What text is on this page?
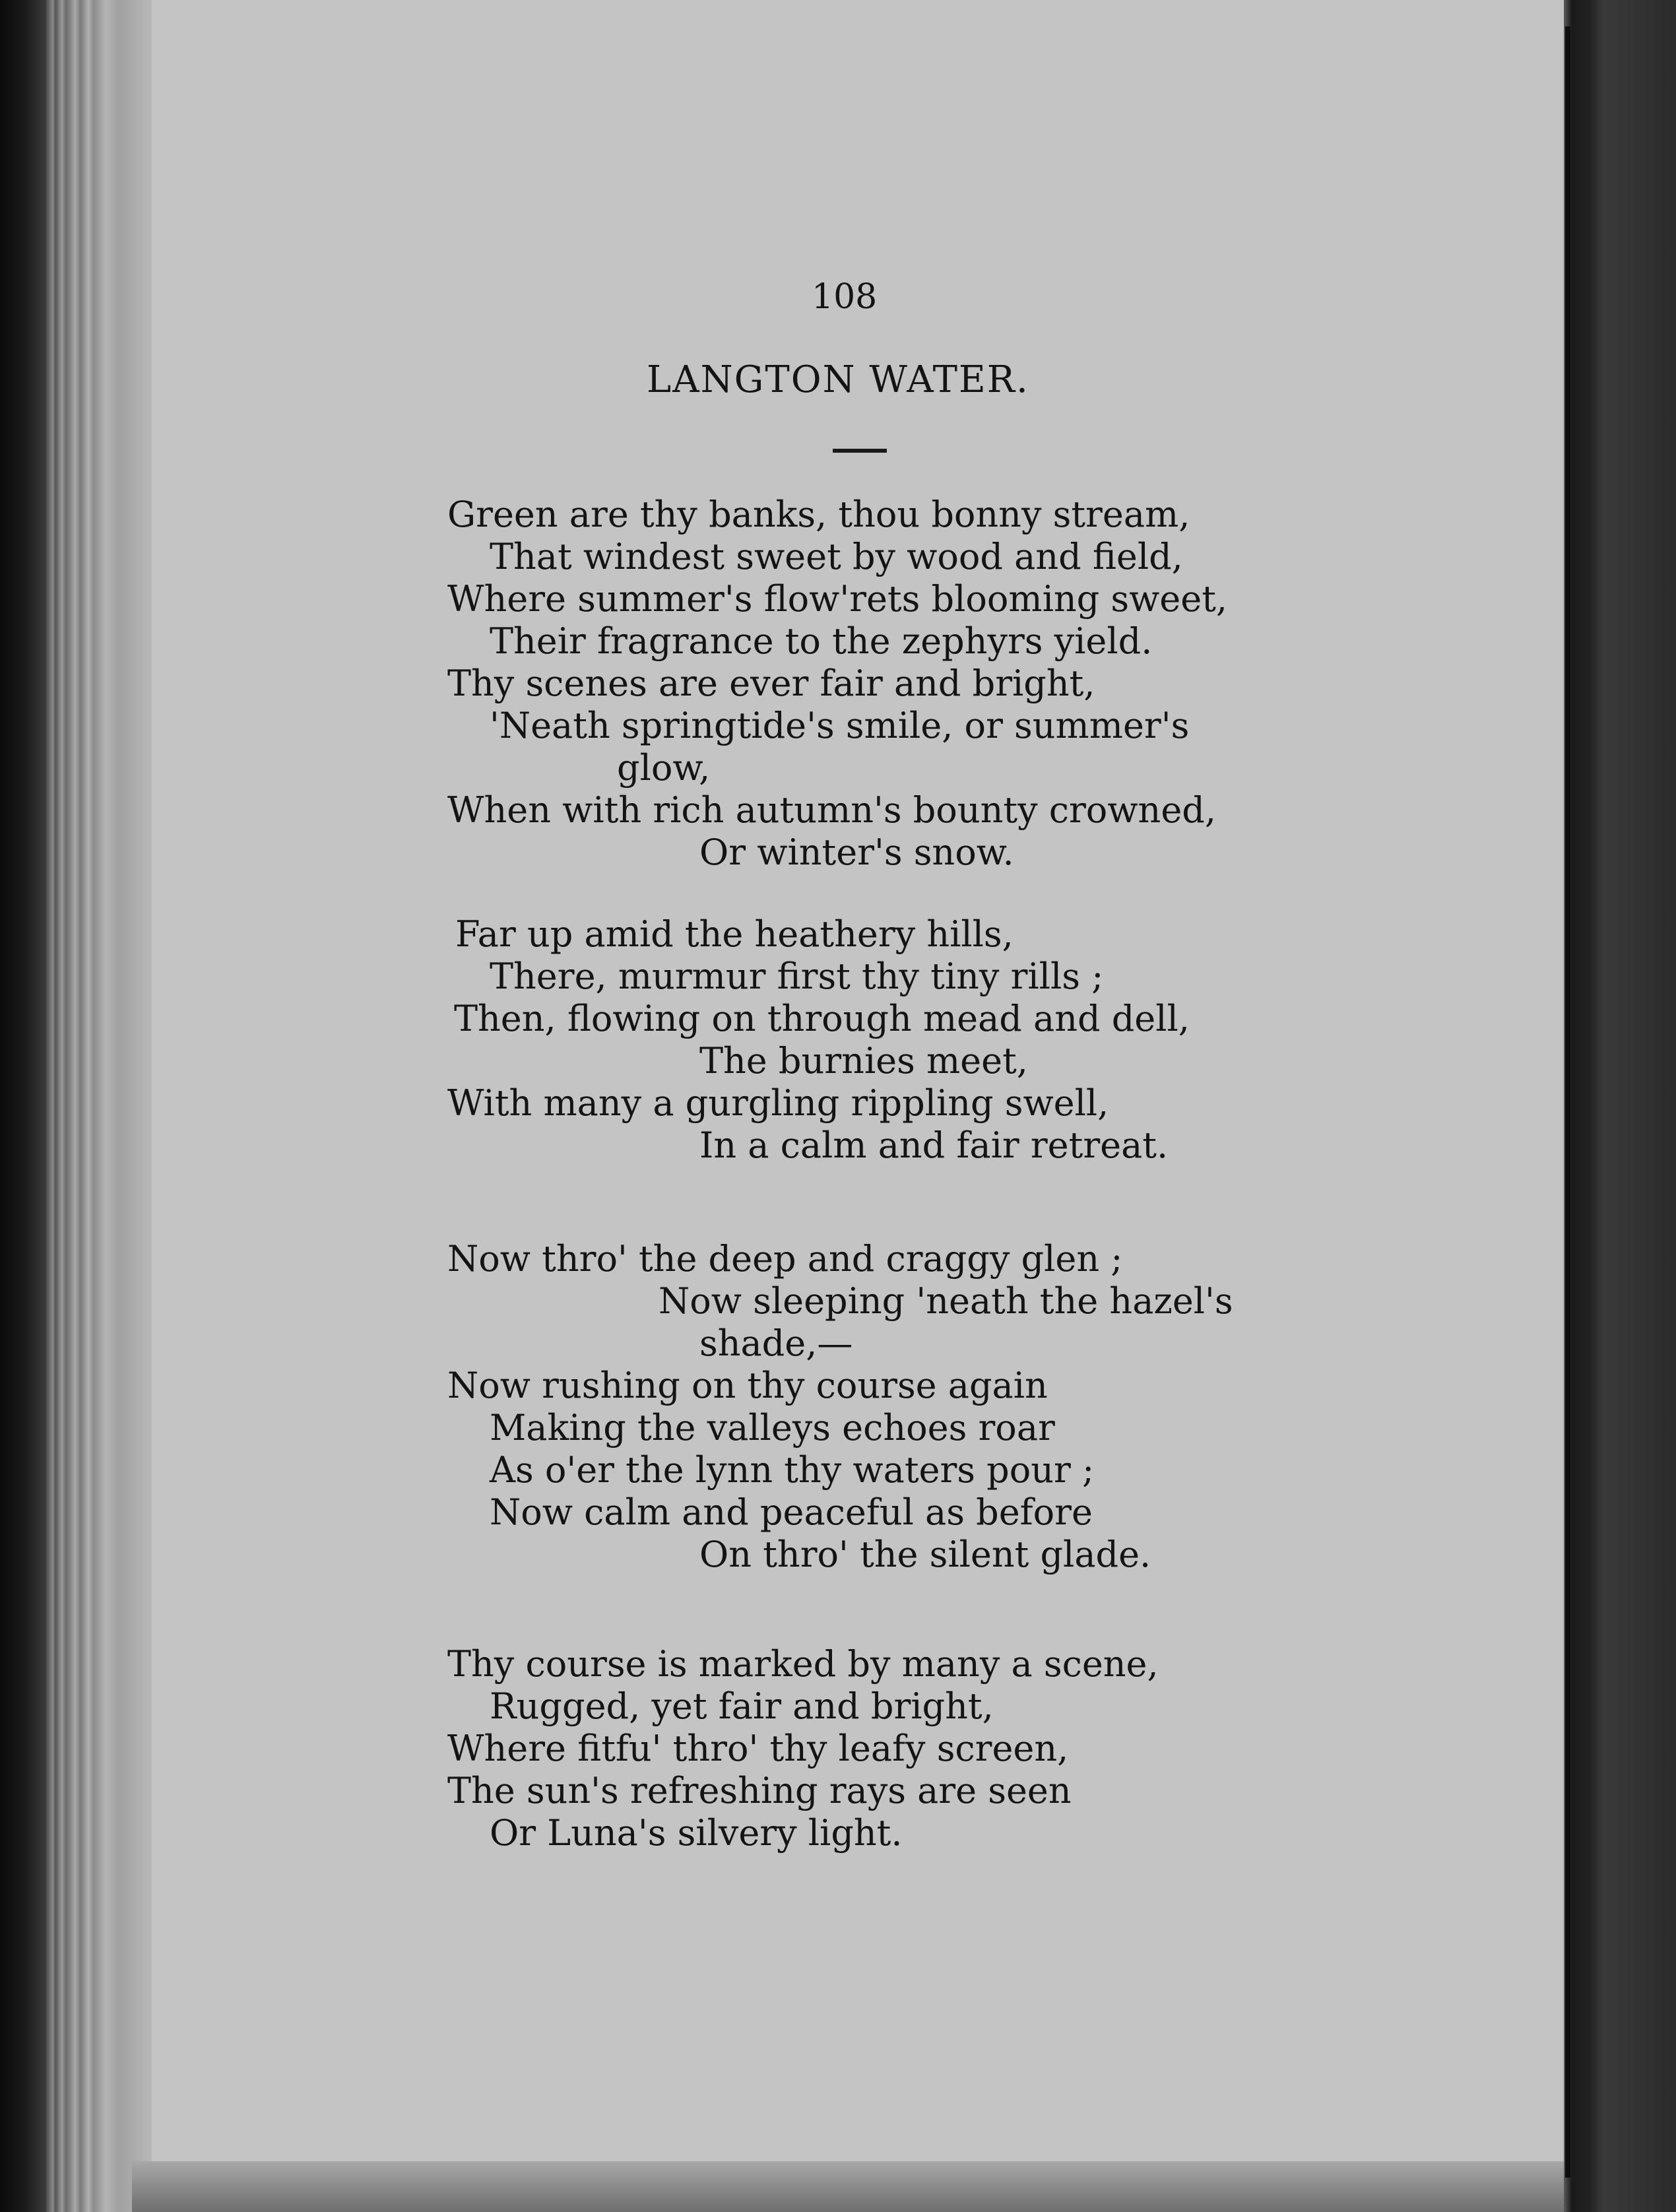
108
LANGTON WATER.
Green are thy banks, thou bonny stream,
That windest sweet by wood and field,
Where summer's flow'rets blooming sweet,
Their fragrance to the zephyrs yield.
Thy scenes are ever fair and bright,
'Neath springtide's smile, or summer's
glow,
When with rich autumn's bounty crowned,
Or winter's snow.
Far up amid the heathery hills,
There, murmur first thy tiny rills ;
Then, flowing on through mead and dell,
The burnies meet,
With many a gurgling rippling swell,
In a calm and fair retreat.
Now thro' the deep and craggy glen ;
Now sleeping 'neath the hazel's
shade,—
Now rushing on thy course again
Making the valleys echoes roar
As o'er the lynn thy waters pour ;
Now calm and peaceful as before
On thro' the silent glade.
Thy course is marked by many a scene,
Rugged, yet fair and bright,
Where fitfu' thro' thy leafy screen,
The sun's refreshing rays are seen
Or Luna's silvery light.
